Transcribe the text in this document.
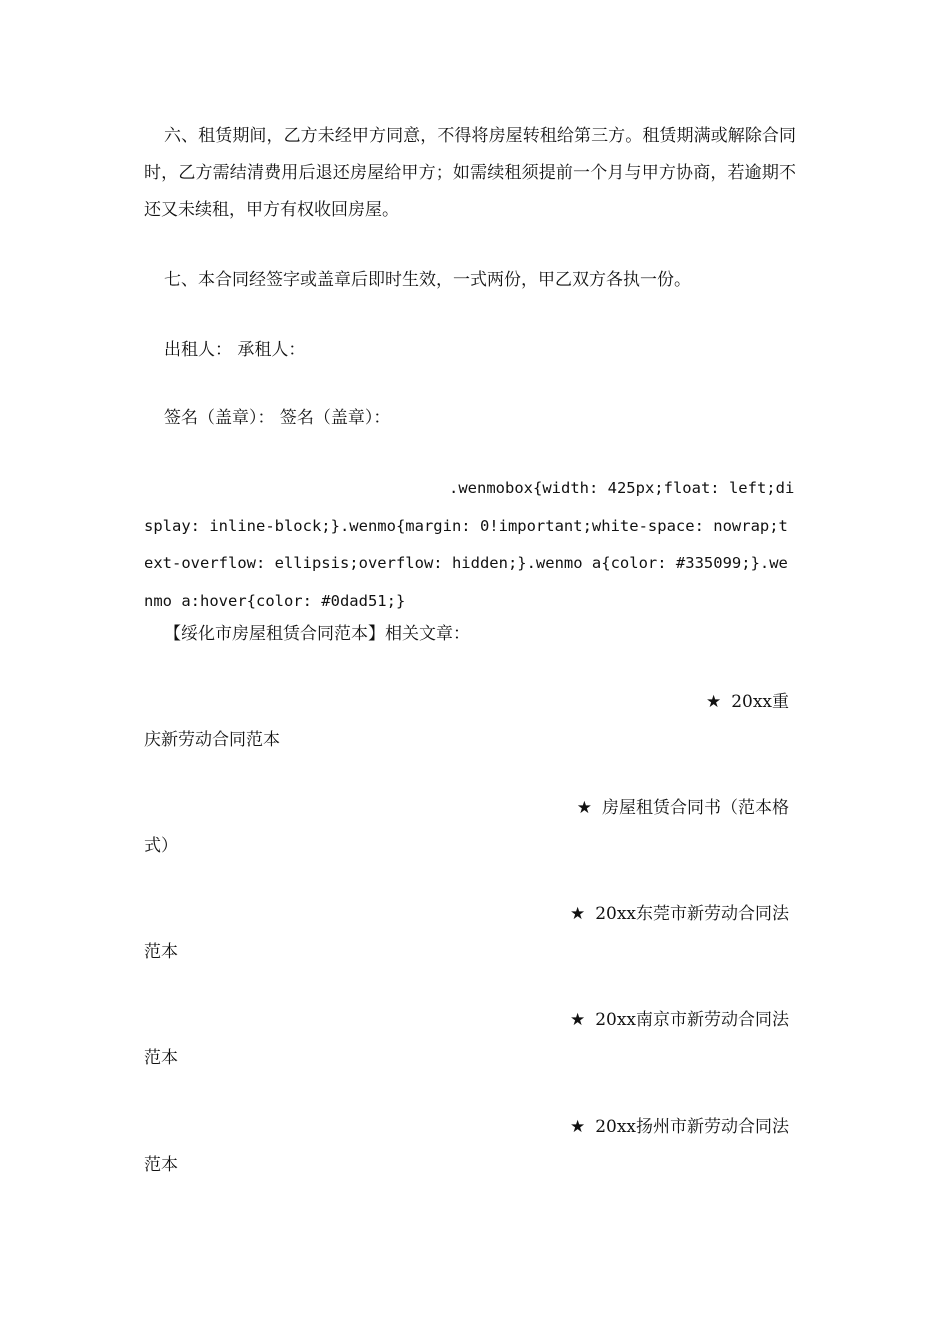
六、租赁期间，乙方未经甲方同意，不得将房屋转租给第三方。租赁期满或解除合同时，乙方需结清费用后退还房屋给甲方；如需续租须提前一个月与甲方协商，若逾期不还又未续租，甲方有权收回房屋。

七、本合同经签字或盖章后即时生效，一式两份，甲乙双方各执一份。

出租人： 承租人：

签名（盖章）： 签名（盖章）：

.wenmobox{width: 425px;float: left;display: inline-block;}.wenmo{margin: 0!important;white-space: nowrap;text-overflow: ellipsis;overflow: hidden;}.wenmo a{color: #335099;}.wenmo a:hover{color: #0dad51;}

【绥化市房屋租赁合同范本】相关文章：

★ 20xx重
庆新劳动合同范本
★ 房屋租赁合同书（范本格
式）
★ 20xx东莞市新劳动合同法
范本
★ 20xx南京市新劳动合同法
范本
★ 20xx扬州市新劳动合同法
范本
